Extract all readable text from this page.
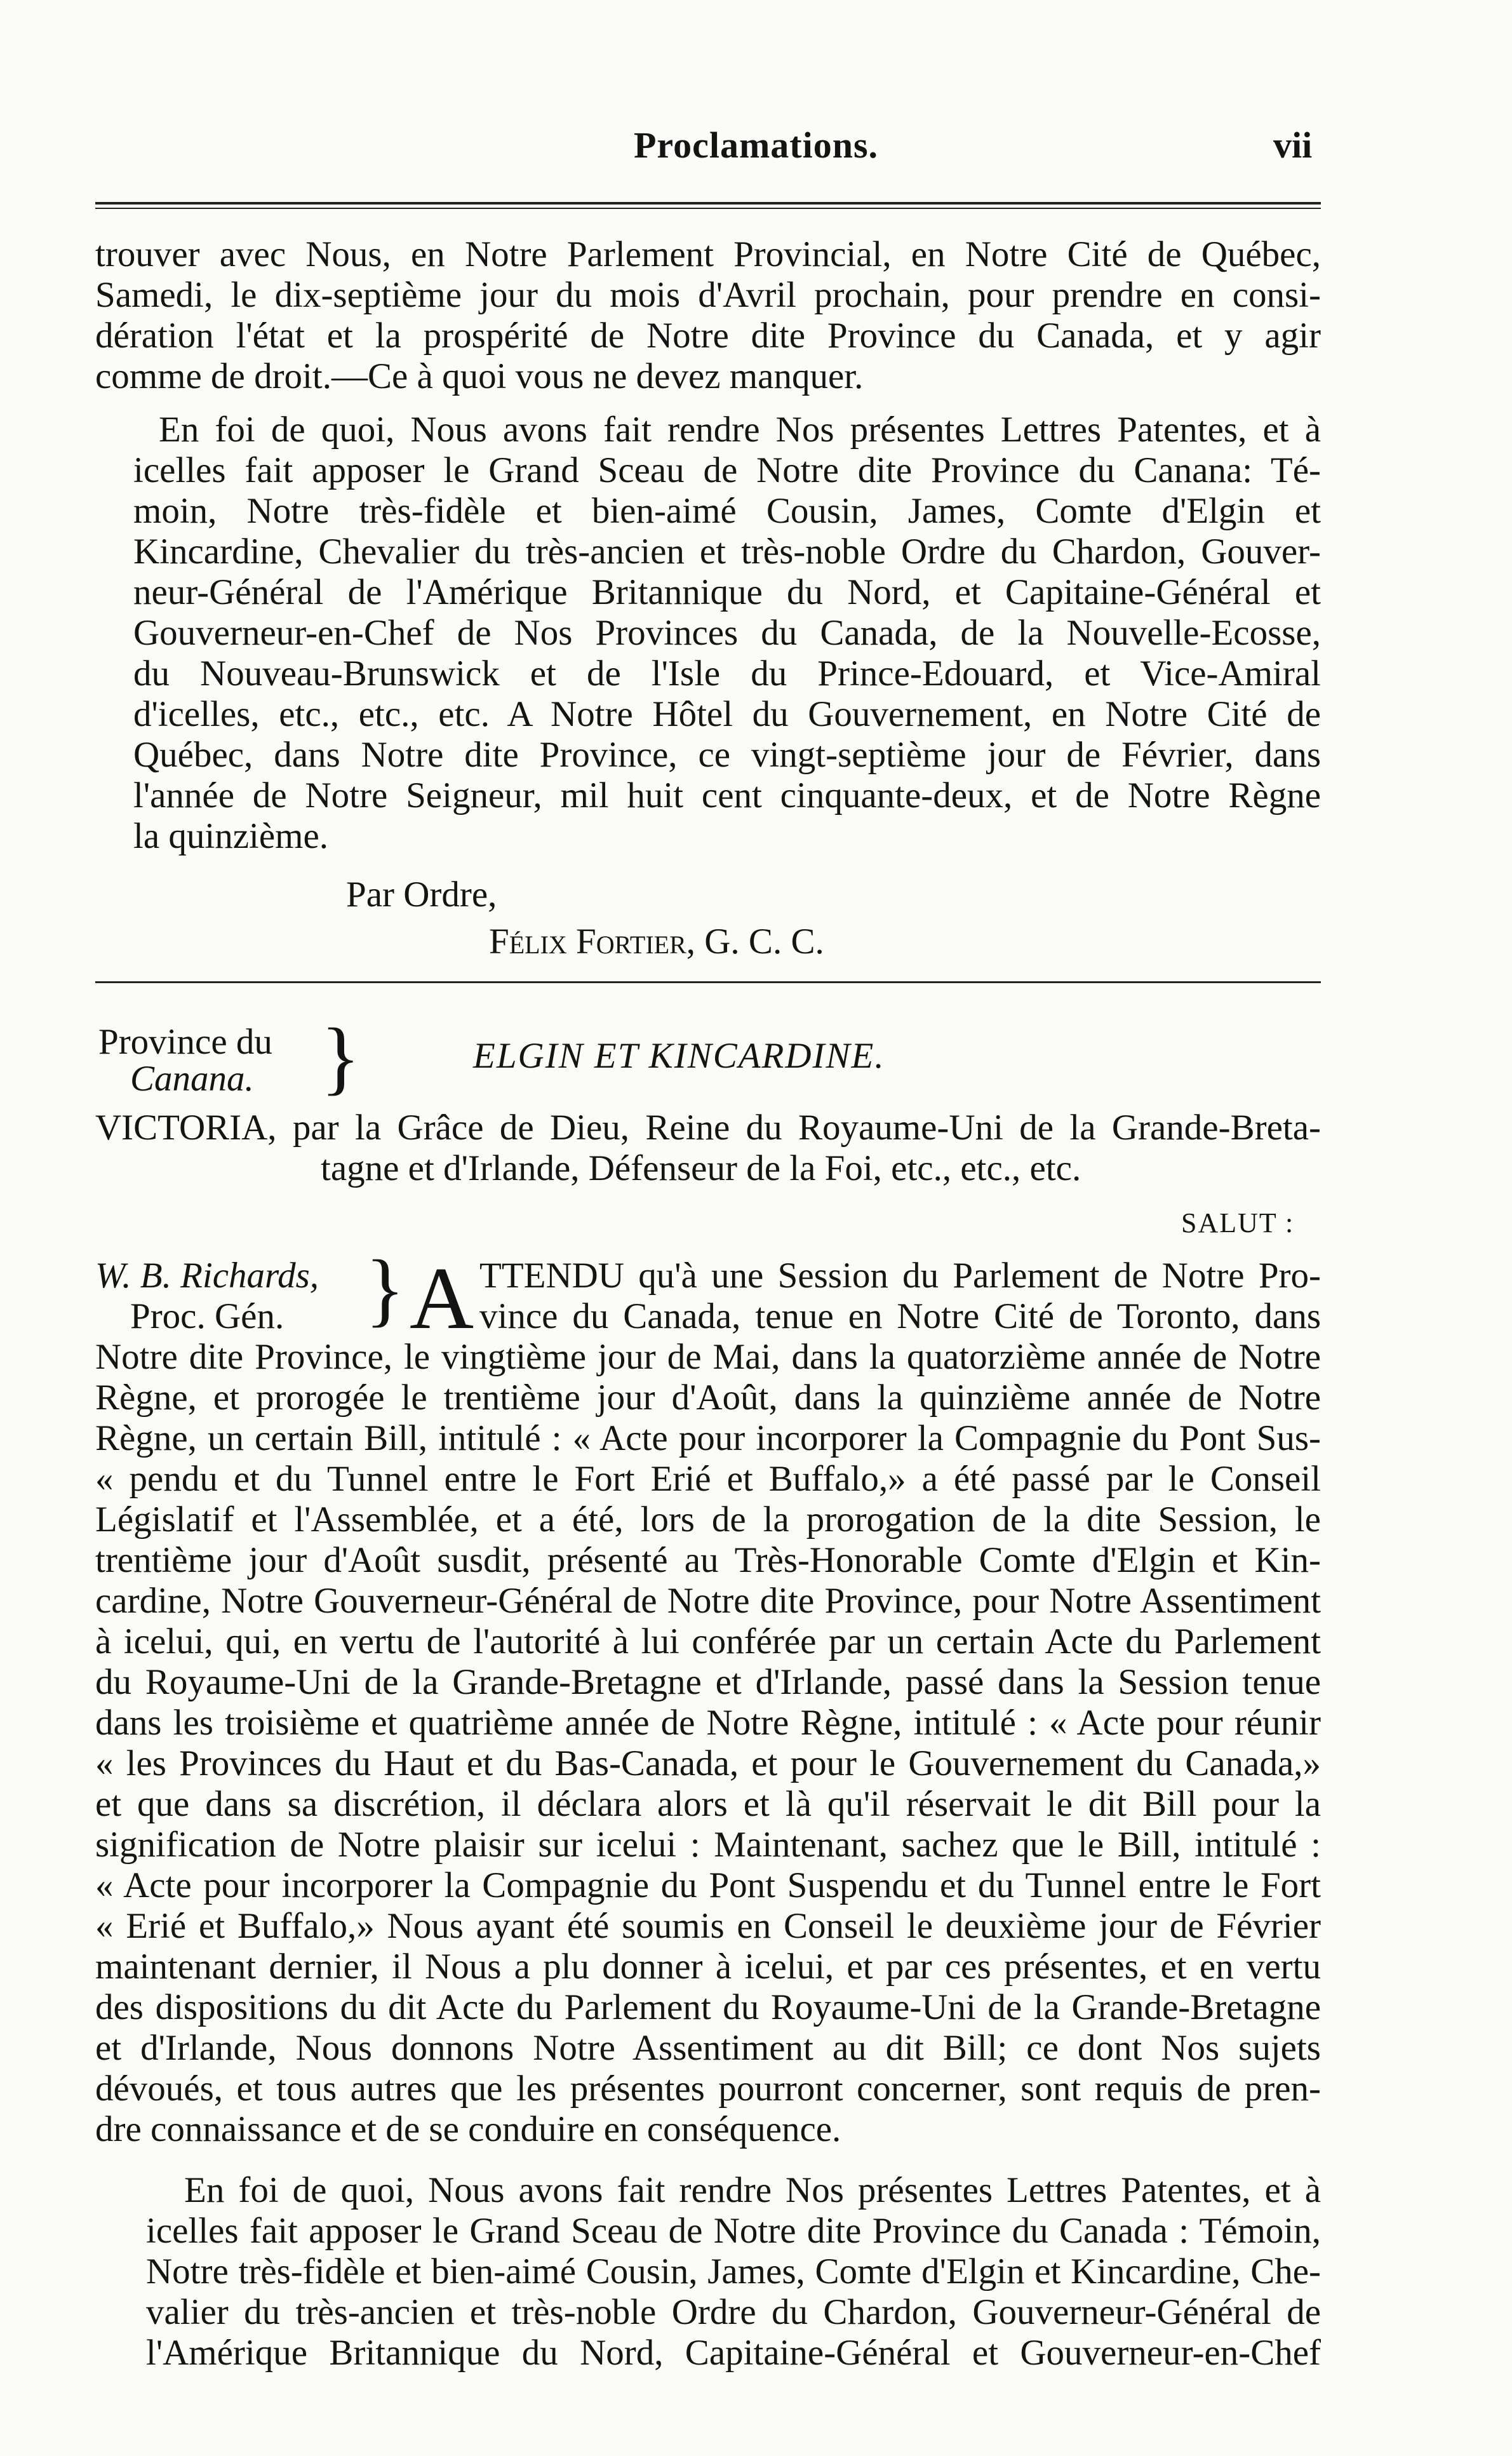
Proclamations.	vii
trouver avec Nous, en Notre Parlement Provincial, en Notre Cité de Québec,
Samedi, le dix-septième jour du mois d'Avril prochain, pour prendre en consi-
dération l'état et la prospérité de Notre dite Province du Canada, et y agir
comme de droit.—Ce à quoi vous ne devez manquer.
En foi de quoi, Nous avons fait rendre Nos présentes Lettres Patentes, et à
icelles fait apposer le Grand Sceau de Notre dite Province du Canana: Té-
moin, Notre très-fidèle et bien-aimé Cousin, James, Comte d'Elgin et
Kincardine, Chevalier du très-ancien et très-noble Ordre du Chardon, Gouver-
neur-Général de l'Amérique Britannique du Nord, et Capitaine-Général et
Gouverneur-en-Chef de Nos Provinces du Canada, de la Nouvelle-Ecosse,
du Nouveau-Brunswick et de l'Isle du Prince-Edouard, et Vice-Amiral
d'icelles, etc., etc., etc. A Notre Hôtel du Gouvernement, en Notre Cité de
Québec, dans Notre dite Province, ce vingt-septième jour de Février, dans
l'année de Notre Seigneur, mil huit cent cinquante-deux, et de Notre Règne
la quinzième.
Par Ordre,
Félix Fortier, G. C. C.
Province du
Canana. }	ELGIN ET KINCARDINE.
VICTORIA, par la Grâce de Dieu, Reine du Royaume-Uni de la Grande-Breta-
tagne et d'Irlande, Défenseur de la Foi, etc., etc., etc.
SALUT :
W. B. Richards,
Proc. Gén. } A TTENDU qu'à une Session du Parlement de Notre Pro-
vince du Canada, tenue en Notre Cité de Toronto, dans
Notre dite Province, le vingtième jour de Mai, dans la quatorzième année de Notre
Règne, et prorogée le trentième jour d'Août, dans la quinzième année de Notre
Règne, un certain Bill, intitulé : « Acte pour incorporer la Compagnie du Pont Sus-
« pendu et du Tunnel entre le Fort Erié et Buffalo,» a été passé par le Conseil
Législatif et l'Assemblée, et a été, lors de la prorogation de la dite Session, le
trentième jour d'Août susdit, présenté au Très-Honorable Comte d'Elgin et Kin-
cardine, Notre Gouverneur-Général de Notre dite Province, pour Notre Assentiment
à icelui, qui, en vertu de l'autorité à lui conférée par un certain Acte du Parlement
du Royaume-Uni de la Grande-Bretagne et d'Irlande, passé dans la Session tenue
dans les troisième et quatrième année de Notre Règne, intitulé : « Acte pour réunir
« les Provinces du Haut et du Bas-Canada, et pour le Gouvernement du Canada,»
et que dans sa discrétion, il déclara alors et là qu'il réservait le dit Bill pour la
signification de Notre plaisir sur icelui : Maintenant, sachez que le Bill, intitulé :
« Acte pour incorporer la Compagnie du Pont Suspendu et du Tunnel entre le Fort
« Erié et Buffalo,» Nous ayant été soumis en Conseil le deuxième jour de Février
maintenant dernier, il Nous a plu donner à icelui, et par ces présentes, et en vertu
des dispositions du dit Acte du Parlement du Royaume-Uni de la Grande-Bretagne
et d'Irlande, Nous donnons Notre Assentiment au dit Bill; ce dont Nos sujets
dévoués, et tous autres que les présentes pourront concerner, sont requis de pren-
dre connaissance et de se conduire en conséquence.
En foi de quoi, Nous avons fait rendre Nos présentes Lettres Patentes, et à
icelles fait apposer le Grand Sceau de Notre dite Province du Canada : Témoin,
Notre très-fidèle et bien-aimé Cousin, James, Comte d'Elgin et Kincardine, Che-
valier du très-ancien et très-noble Ordre du Chardon, Gouverneur-Général de
l'Amérique Britannique du Nord, Capitaine-Général et Gouverneur-en-Chef
